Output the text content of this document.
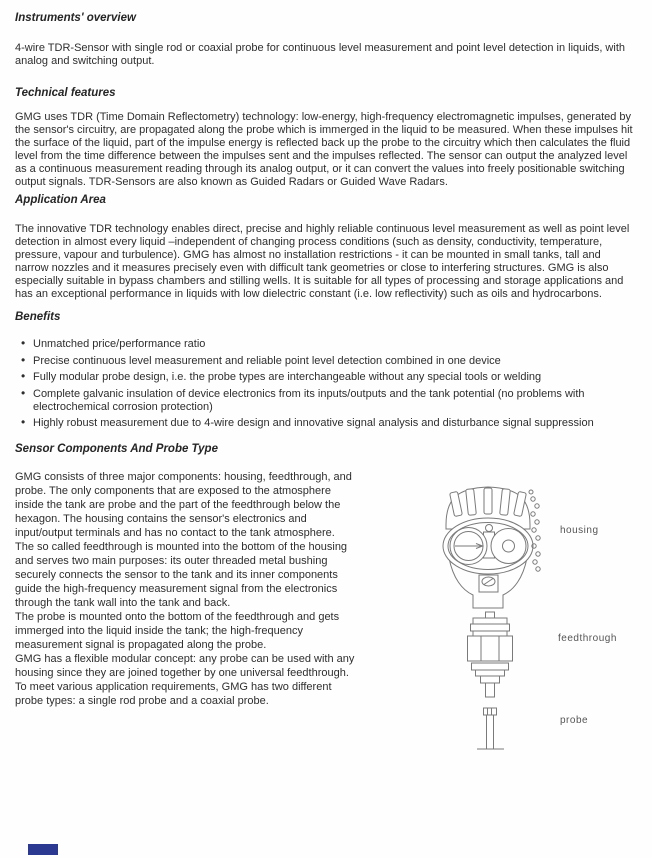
Instruments' overview

4-wire TDR-Sensor with single rod or coaxial probe for continuous level measurement and point level detection in liquids, with analog and switching output.

Technical features

GMG uses TDR (Time Domain Reflectometry) technology: low-energy, high-frequency electromagnetic impulses, generated by the sensor's circuitry, are propagated along the probe which is immerged in the liquid to be measured. When these impulses hit the surface of the liquid, part of the impulse energy is reflected back up the probe to the circuitry which then calculates the fluid level from the time difference between the impulses sent and the impulses reflected. The sensor can output the analyzed level as a continuous measurement reading through its analog output, or it can convert the values into freely positionable switching output signals. TDR-Sensors are also known as Guided Radars or Guided Wave Radars.

Application Area

The innovative TDR technology enables direct, precise and highly reliable continuous level measurement as well as point level detection in almost every liquid –independent of changing process conditions (such as density, conductivity, temperature, pressure, vapour and turbulence). GMG has almost no installation restrictions - it can be mounted in small tanks, tall and narrow nozzles and it measures precisely even with difficult tank geometries or close to interfering structures. GMG is also especially suitable in bypass chambers and stilling wells. It is suitable for all types of processing and storage applications and has an exceptional performance in liquids with low dielectric constant (i.e. low reflectivity) such as oils and hydrocarbons.

Benefits
• Unmatched price/performance ratio
• Precise continuous level measurement and reliable point level detection combined in one device
• Fully modular probe design, i.e. the probe types are interchangeable without any special tools or welding
• Complete galvanic insulation of device electronics from its inputs/outputs and the tank potential (no problems with electrochemical corrosion protection)
• Highly robust measurement due to 4-wire design and innovative signal analysis and disturbance signal suppression
Sensor Components And Probe Type

GMG consists of three major components: housing, feedthrough, and probe. The only components that are exposed to the atmosphere inside the tank are probe and the part of the feedthrough below the hexagon. The housing contains the sensor's electronics and input/output terminals and has no contact to the tank atmosphere.

The so called feedthrough is mounted into the bottom of the housing and serves two main purposes: its outer threaded metal bushing securely connects the sensor to the tank and its inner components guide the high-frequency measurement signal from the electronics through the tank wall into the tank and back.

The probe is mounted onto the bottom of the feedthrough and gets immerged into the liquid inside the tank; the high-frequency measurement signal is propagated along the probe.

GMG has a flexible modular concept: any probe can be used with any housing since they are joined together by one universal feedthrough.

To meet various application requirements, GMG has two different probe types: a single rod probe and a coaxial probe.

housing
feedthrough
probe
